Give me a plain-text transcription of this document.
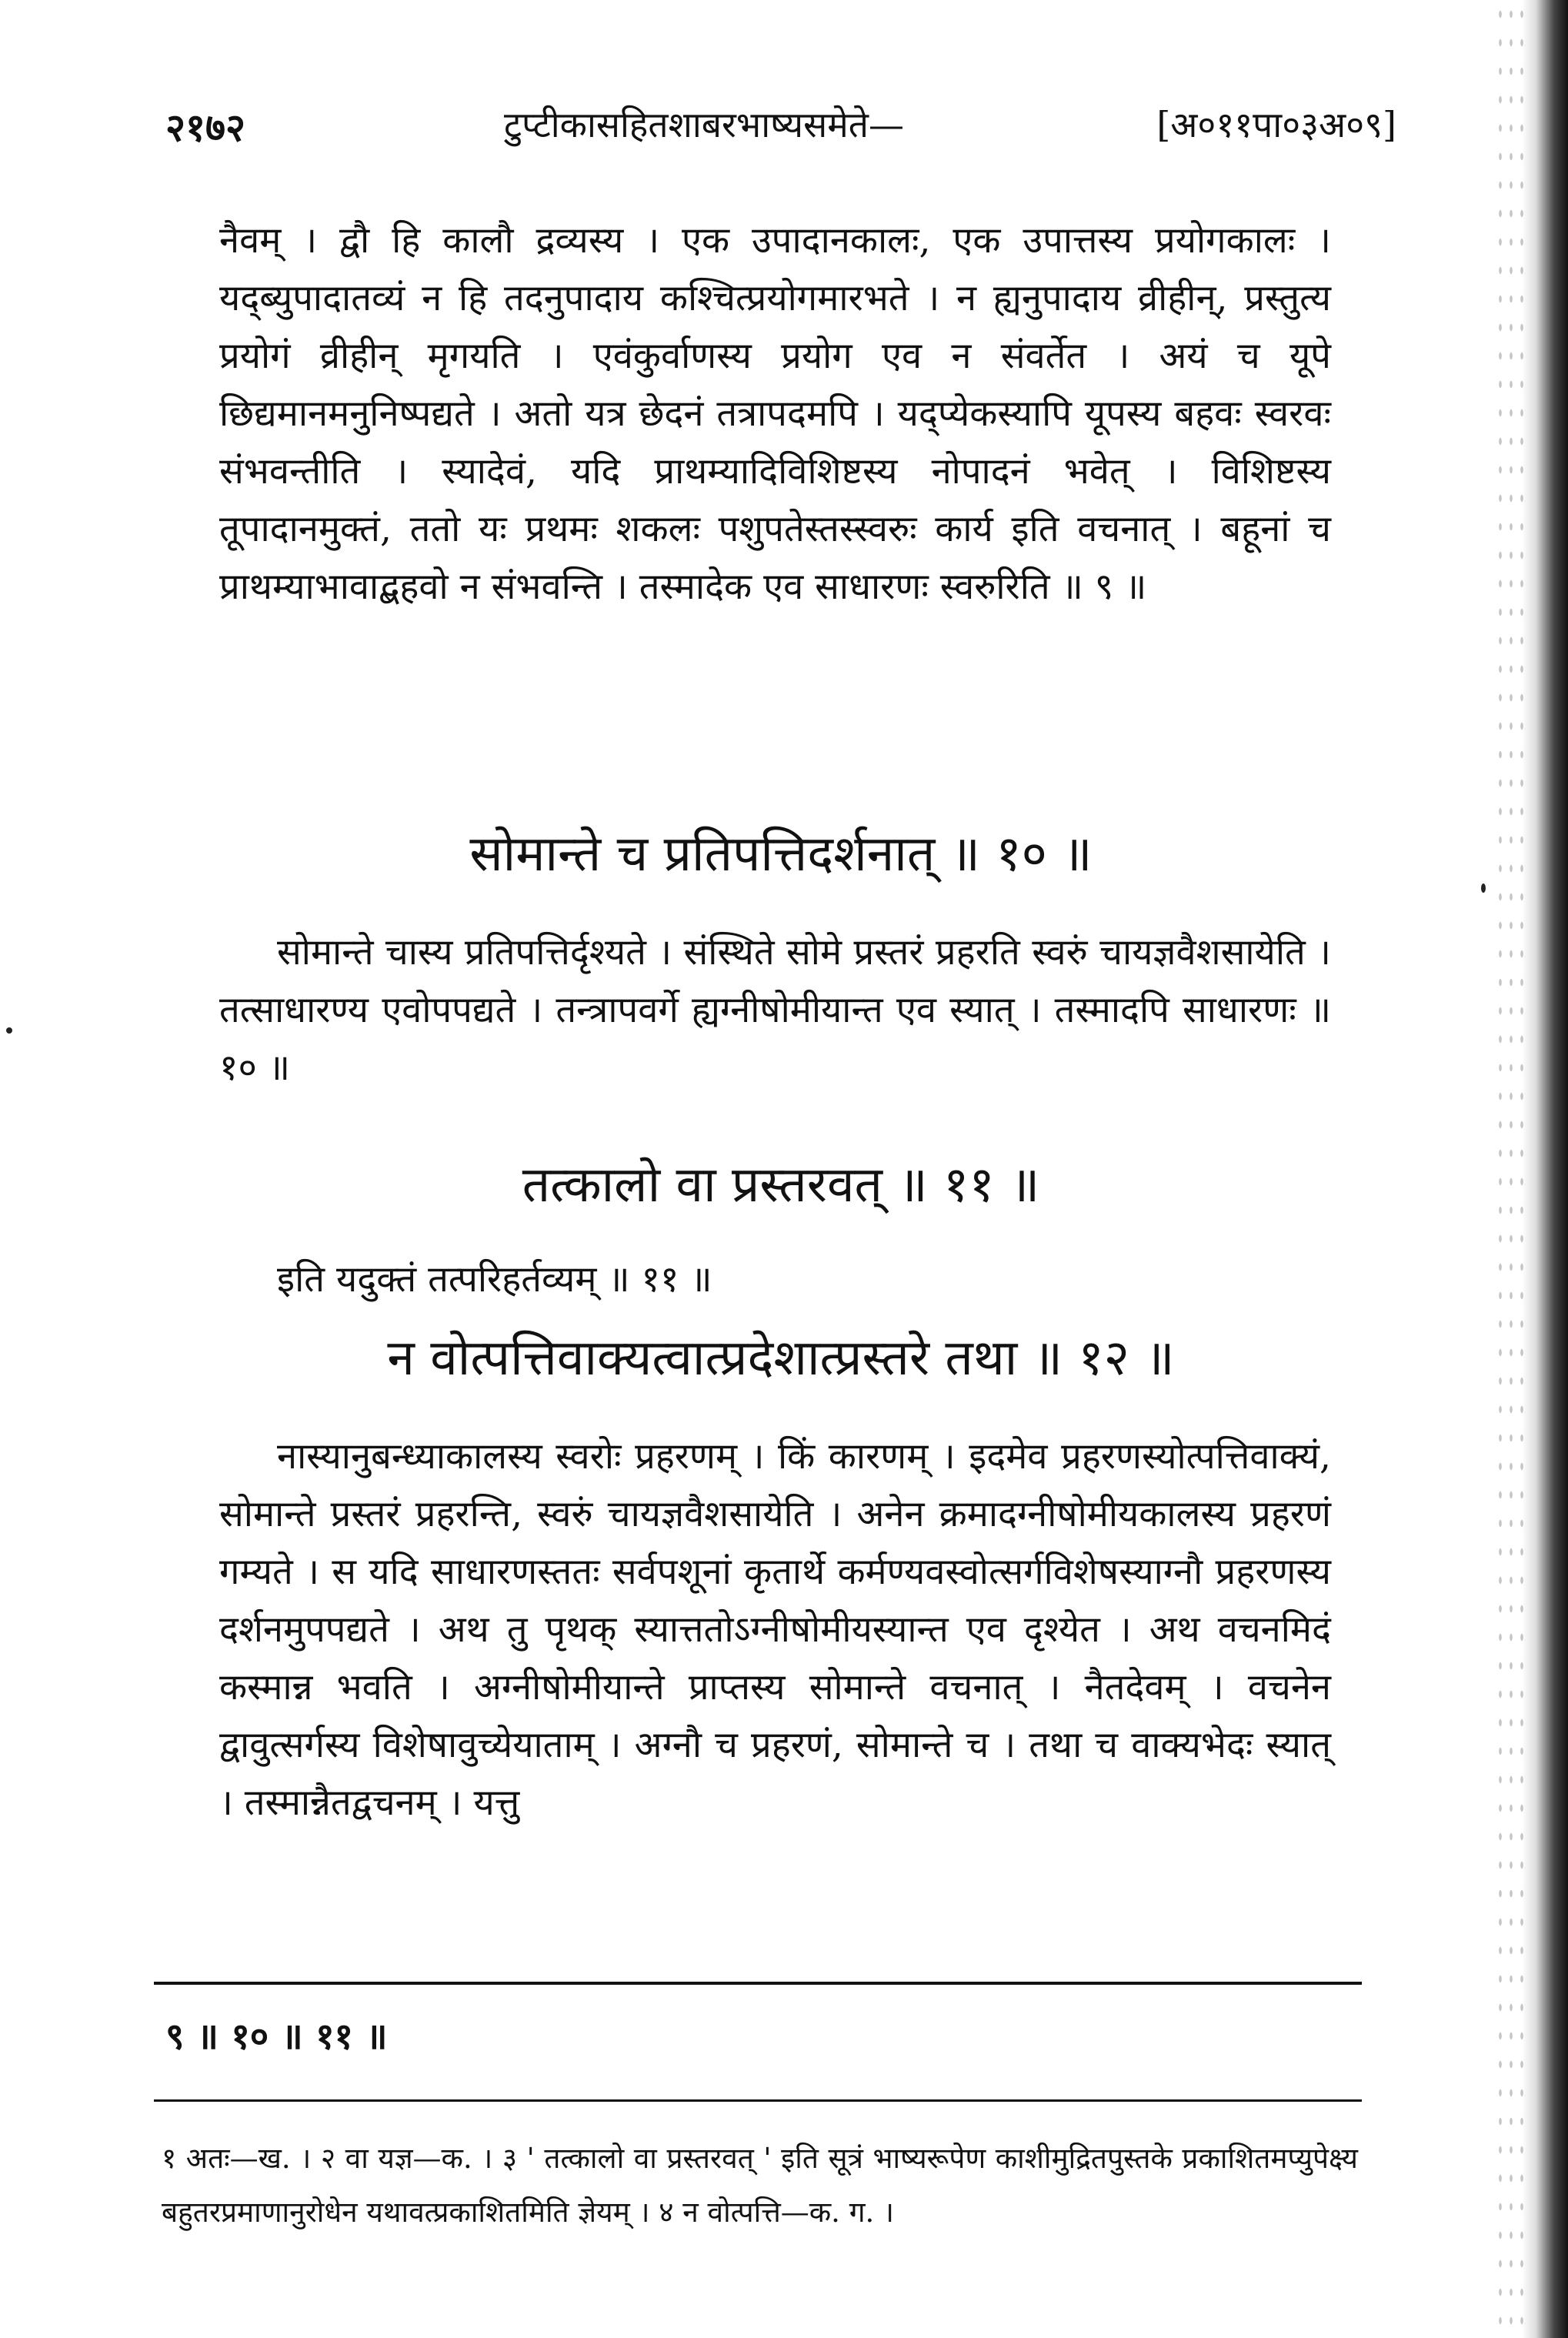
२१७२	टुप्टीकासहितशाबरभाष्यसमेते—	[अ०११पा०३अ०९]

नैवम् । द्वौ हि कालौ द्रव्यस्य । एक उपादानकालः, एक उपात्तस्य प्रयोगकालः । यद्ब्युपादातव्यं न हि तदनुपादाय कश्चित्प्रयोगमारभते । न ह्यनुपादाय व्रीहीन्, प्रस्तुत्य प्रयोगं व्रीहीन् मृगयति । एवंकुर्वाणस्य प्रयोग एव न संवर्तेत । अयं च यूपे छिद्यमानमनुनिष्पद्यते । अतो यत्र छेदनं तत्रापदमपि । यद्प्येकस्यापि यूपस्य बहवः स्वरवः संभवन्तीति । स्यादेवं, यदि प्राथम्यादिविशिष्टस्य नोपादनं भवेत् । विशिष्टस्य तूपादानमुक्तं, ततो यः प्रथमः शकलः पशुपतेस्तस्स्वरुः कार्य इति वचनात् । बहूनां च प्राथम्याभावाद्बहवो न संभवन्ति । तस्मादेक एव साधारणः स्वरुरिति ॥ ९ ॥

सोमान्ते च प्रतिपत्तिदर्शनात् ॥ १० ॥

सोमान्ते चास्य प्रतिपत्तिर्दृश्यते । संस्थिते सोमे प्रस्तरं प्रहरति स्वरुं चायज्ञवैशसायेति । तत्साधारण्य एवोपपद्यते । तन्त्रापवर्गे ह्यग्नीषोमीयान्त एव स्यात् । तस्मादपि साधारणः ॥ १० ॥

तत्कालो वा प्रस्तरवत् ॥ ११ ॥

इति यदुक्तं तत्परिहर्तव्यम् ॥ ११ ॥

न वोत्पत्तिवाक्यत्वात्प्रदेशात्प्रस्तरे तथा ॥ १२ ॥

नास्यानुबन्ध्याकालस्य स्वरोः प्रहरणम् । किं कारणम् । इदमेव प्रहरणस्योत्पत्तिवाक्यं, सोमान्ते प्रस्तरं प्रहरन्ति, स्वरुं चायज्ञवैशसायेति । अनेन क्रमादग्नीषोमीयकालस्य प्रहरणं गम्यते । स यदि साधारणस्ततः सर्वपशूनां कृतार्थे कर्मण्यवस्वोत्सर्गविशेषस्याग्नौ प्रहरणस्य दर्शनमुपपद्यते । अथ तु पृथक् स्यात्ततोऽग्नीषोमीयस्यान्त एव दृश्येत । अथ वचनमिदं कस्मान्न भवति । अग्नीषोमीयान्ते प्राप्तस्य सोमान्ते वचनात् । नैतदेवम् । वचनेन द्वावुत्सर्गस्य विशेषावुच्येयाताम् । अग्नौ च प्रहरणं, सोमान्ते च । तथा च वाक्यभेदः स्यात् । तस्मान्नैतद्वचनम् । यत्तु

९ ॥ १० ॥ ११ ॥
१ अतः—ख. । २ वा यज्ञ—क. । ३ ' तत्कालो वा प्रस्तरवत् ' इति सूत्रं भाष्यरूपेण काशीमुद्रितपुस्तके प्रकाशितमप्युपेक्ष्य बहुतरप्रमाणानुरोधेन यथावत्प्रकाशितमिति ज्ञेयम् । ४ न वोत्पत्ति—क. ग. ।
